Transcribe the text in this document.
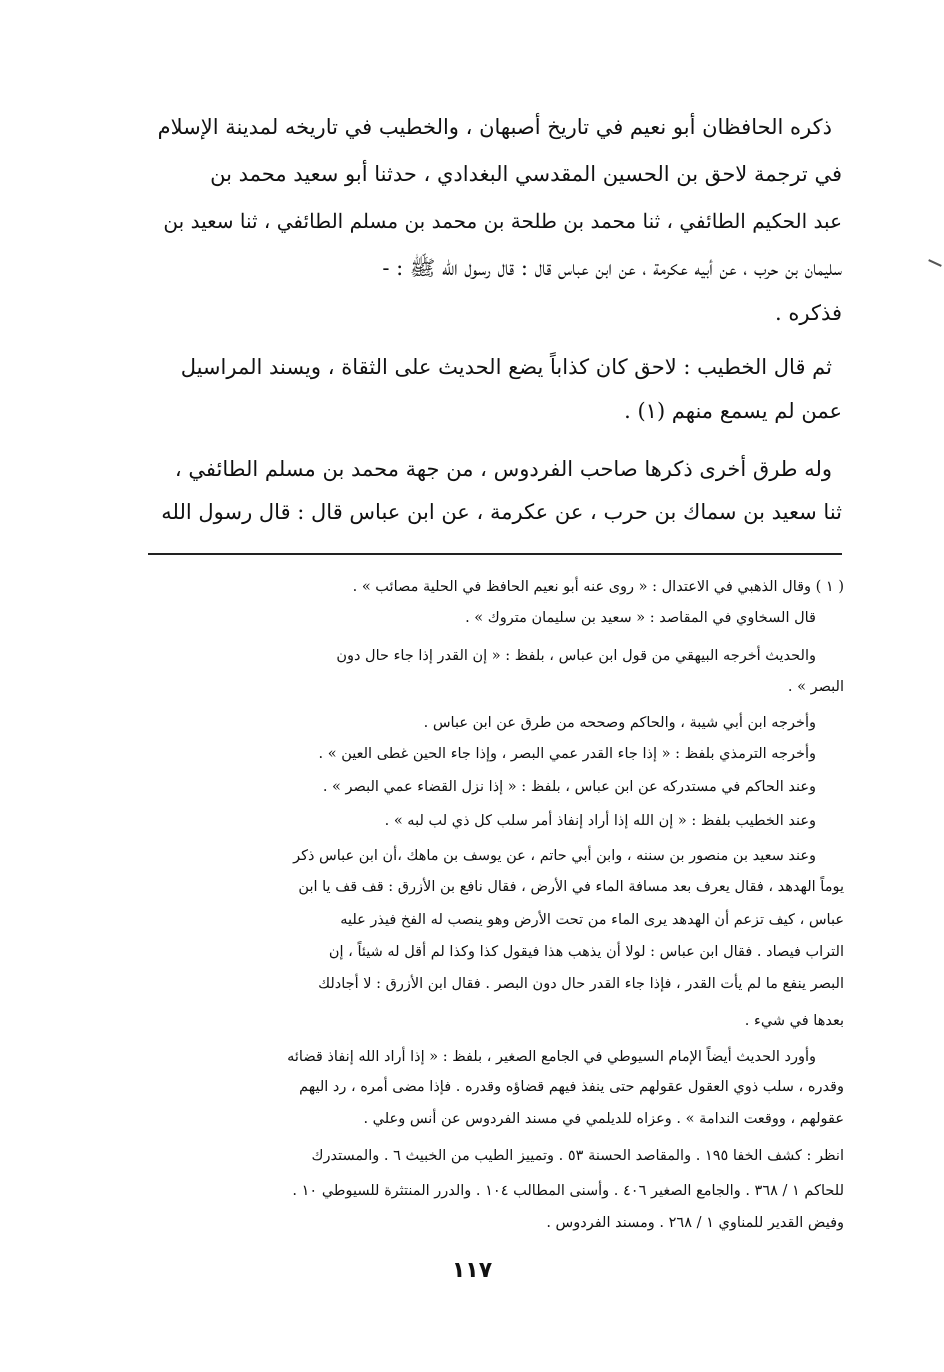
ذكره الحافظان أبو نعيم في تاريخ أصبهان ، والخطيب في تاريخه لمدينة الإسلام
في ترجمة لاحق بن الحسين المقدسي البغدادي ، حدثنا أبو سعيد محمد بن
عبد الحكيم الطائفي ، ثنا محمد بن طلحة بن محمد بن مسلم الطائفي ، ثنا سعيد بن
سليمان بن حرب ، عن أبيه عكرمة ، عن ابن عباس قال : قال رسول الله ﷺ : -
فذكره .
ثم قال الخطيب : لاحق كان كذاباً يضع الحديث على الثقاة ، ويسند المراسيل
عمن لم يسمع منهم (١) .
وله طرق أخرى ذكرها صاحب الفردوس ، من جهة محمد بن مسلم الطائفي ،
ثنا سعيد بن سماك بن حرب ، عن عكرمة ، عن ابن عباس قال : قال رسول الله
( ١ ) وقال الذهبي في الاعتدال : « روى عنه أبو نعيم الحافظ في الحلية مصائب » .
قال السخاوي في المقاصد : « سعيد بن سليمان متروك » .
والحديث أخرجه البيهقي من قول ابن عباس ، بلفظ : « إن القدر إذا جاء حال دون
البصر » .
وأخرجه ابن أبي شيبة ، والحاكم وصححه من طرق عن ابن عباس .
وأخرجه الترمذي بلفظ : « إذا جاء القدر عمي البصر ، وإذا جاء الحين غطى العين » .
وعند الحاكم في مستدركه عن ابن عباس ، بلفظ : « إذا نزل القضاء عمي البصر » .
وعند الخطيب بلفظ : « إن الله إذا أراد إنفاذ أمر سلب كل ذي لب لبه » .
وعند سعيد بن منصور بن سننه ، وابن أبي حاتم ، عن يوسف بن ماهك ،أن ابن عباس ذكر
يوماً الهدهد ، فقال يعرف بعد مسافة الماء في الأرض ، فقال نافع بن الأزرق : قف قف يا ابن
عباس ، كيف تزعم أن الهدهد يرى الماء من تحت الأرض وهو ينصب له الفخ فيذر عليه
التراب فيصاد . فقال ابن عباس : لولا أن يذهب هذا فيقول كذا وكذا لم أقل له شيئاً ، إن
البصر ينفع ما لم يأت القدر ، فإذا جاء القدر حال دون البصر . فقال ابن الأزرق : لا أجادلك
بعدها في شيء .
وأورد الحديث أيضاً الإمام السيوطي في الجامع الصغير ، بلفظ : « إذا أراد الله إنفاذ قضائه
وقدره ، سلب ذوي العقول عقولهم حتى ينفذ فيهم قضاؤه وقدره . فإذا مضى أمره ، رد اليهم
عقولهم ، ووقعت الندامة » . وعزاه للديلمي في مسند الفردوس عن أنس وعلي .
انظر : كشف الخفا ١٩٥ . والمقاصد الحسنة ٥٣ . وتمييز الطيب من الخبيث ٦ . والمستدرك
للحاكم ١ / ٣٦٨ . والجامع الصغير ٤٠٦ . وأسنى المطالب ١٠٤ . والدرر المنتثرة للسيوطي ١٠ .
وفيض القدير للمناوي ١ / ٢٦٨ . ومسند الفردوس .
١١٧
